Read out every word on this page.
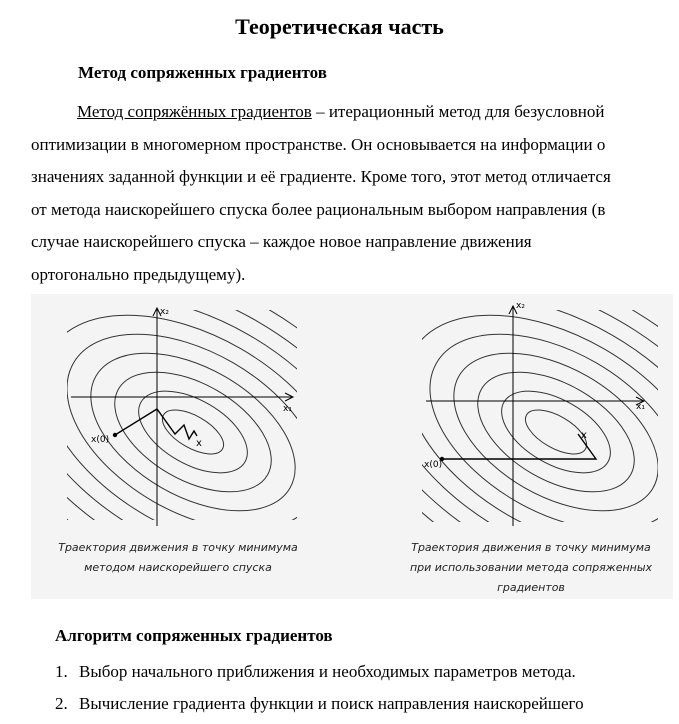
Теоретическая часть
Метод сопряженных градиентов
Метод сопряжённых градиентов – итерационный метод для безусловной
оптимизации в многомерном пространстве. Он основывается на информации о
значениях заданной функции и её градиенте. Кроме того, этот метод отличается
от метода наискорейшего спуска более рациональным выбором направления (в
случае наискорейшего спуска – каждое новое направление движения
ортогонально предыдущему).
x₂
x₁
x(0)	x
x₂
x₁
x(0)
x
Траектория движения в точку минимума
методом наискорейшего спуска
Траектория движения в точку минимума
при использовании метода сопряженных
градиентов
Алгоритм сопряженных градиентов
1. Выбор начального приближения и необходимых параметров метода.
2. Вычисление градиента функции и поиск направления наискорейшего
